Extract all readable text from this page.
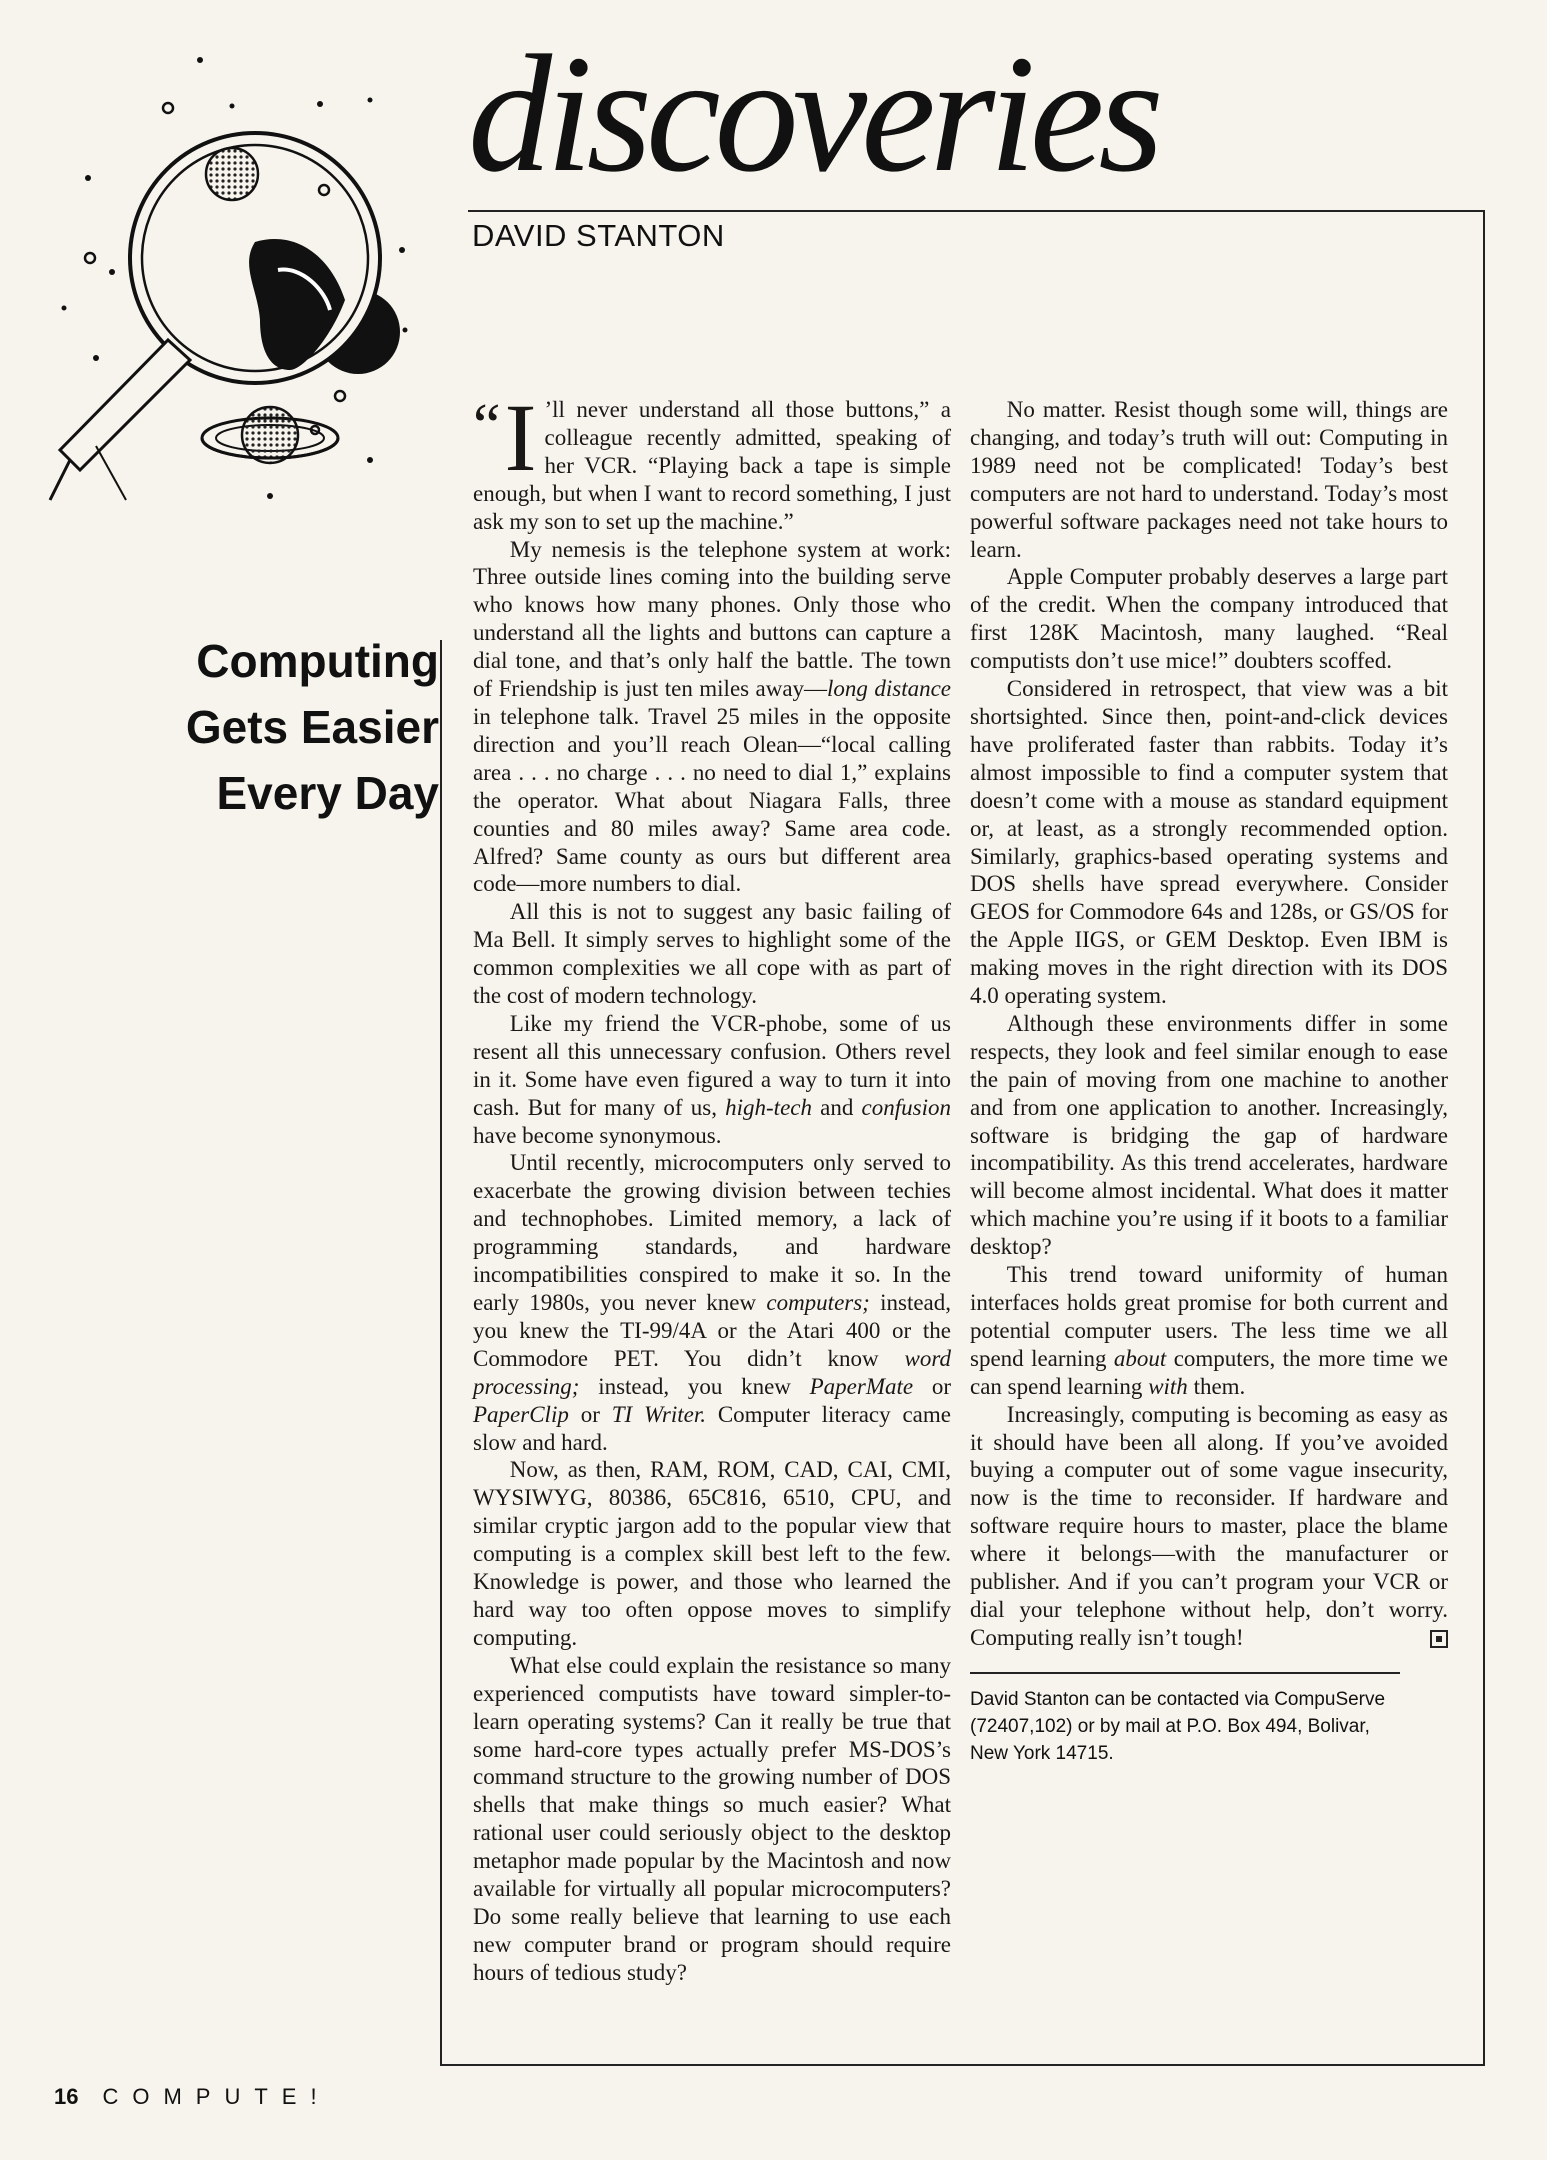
discoveries
DAVID STANTON
Computing
Gets Easier
Every Day

“ I ’ll never understand all those buttons,” a colleague recently admitted, speaking of her VCR. “Playing back a tape is simple enough, but when I want to record something, I just ask my son to set up the machine.”

My nemesis is the telephone system at work: Three outside lines coming into the building serve who knows how many phones. Only those who understand all the lights and buttons can capture a dial tone, and that’s only half the battle. The town of Friendship is just ten miles away—long distance in telephone talk. Travel 25 miles in the opposite direction and you’ll reach Olean—“local calling area . . . no charge . . . no need to dial 1,” explains the operator. What about Niagara Falls, three counties and 80 miles away? Same area code. Alfred? Same county as ours but different area code—more numbers to dial.

All this is not to suggest any basic failing of Ma Bell. It simply serves to highlight some of the common complexities we all cope with as part of the cost of modern technology.

Like my friend the VCR-phobe, some of us resent all this unnecessary confusion. Others revel in it. Some have even figured a way to turn it into cash. But for many of us, high-tech and confusion have become synonymous.

Until recently, microcomputers only served to exacerbate the growing division between techies and technophobes. Limited memory, a lack of programming standards, and hardware incompatibilities conspired to make it so. In the early 1980s, you never knew computers; instead, you knew the TI-99/4A or the Atari 400 or the Commodore PET. You didn’t know word processing; instead, you knew PaperMate or PaperClip or TI Writer. Computer literacy came slow and hard.

Now, as then, RAM, ROM, CAD, CAI, CMI, WYSIWYG, 80386, 65C816, 6510, CPU, and similar cryptic jargon add to the popular view that computing is a complex skill best left to the few. Knowledge is power, and those who learned the hard way too often oppose moves to simplify computing.

What else could explain the resistance so many experienced computists have toward simpler-to-learn operating systems? Can it really be true that some hard-core types actually prefer MS-DOS’s command structure to the growing number of DOS shells that make things so much easier? What rational user could seriously object to the desktop metaphor made popular by the Macintosh and now available for virtually all popular microcomputers? Do some really believe that learning to use each new computer brand or program should require hours of tedious study?

No matter. Resist though some will, things are changing, and today’s truth will out: Computing in 1989 need not be complicated! Today’s best computers are not hard to understand. Today’s most powerful software packages need not take hours to learn.

Apple Computer probably deserves a large part of the credit. When the company introduced that first 128K Macintosh, many laughed. “Real computists don’t use mice!” doubters scoffed.

Considered in retrospect, that view was a bit shortsighted. Since then, point-and-click devices have proliferated faster than rabbits. Today it’s almost impossible to find a computer system that doesn’t come with a mouse as standard equipment or, at least, as a strongly recommended option. Similarly, graphics-based operating systems and DOS shells have spread everywhere. Consider GEOS for Commodore 64s and 128s, or GS/OS for the Apple IIGS, or GEM Desktop. Even IBM is making moves in the right direction with its DOS 4.0 operating system.

Although these environments differ in some respects, they look and feel similar enough to ease the pain of moving from one machine to another and from one application to another. Increasingly, software is bridging the gap of hardware incompatibility. As this trend accelerates, hardware will become almost incidental. What does it matter which machine you’re using if it boots to a familiar desktop?

This trend toward uniformity of human interfaces holds great promise for both current and potential computer users. The less time we all spend learning about computers, the more time we can spend learning with them.

Increasingly, computing is becoming as easy as it should have been all along. If you’ve avoided buying a computer out of some vague insecurity, now is the time to reconsider. If hardware and software require hours to master, place the blame where it belongs—with the manufacturer or publisher. And if you can’t program your VCR or dial your telephone without help, don’t worry. Computing really isn’t tough!

David Stanton can be contacted via CompuServe (72407,102) or by mail at P.O. Box 494, Bolivar, New York 14715.
16 COMPUTE!
